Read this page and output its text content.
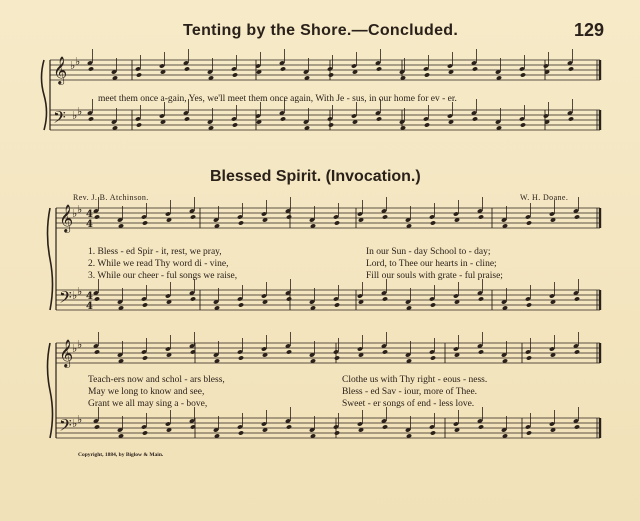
Tenting by the Shore.—Concluded.	129
𝄞
𝄢
𝄞
𝄢
𝄞
𝄢
4
4
4
4
♭ ♭
♭ ♭
♭ ♭
♭ ♭
♭ ♭
♭ ♭
meet them once a-gain, Yes, we'll meet them once again, With Je - sus, in our home for ev - er.
Blessed Spirit. (Invocation.)
Rev. J. B. Atchinson.	W. H. Doane.
1. Bless - ed Spir - it, rest, we pray,
2. While we read Thy word di - vine,
3. While our cheer - ful songs we raise,
In our Sun - day School to - day;
Lord, to Thee our hearts in - cline;
Fill our souls with grate - ful praise;
Teach-ers now and schol - ars bless,
May we long to know and see,
Grant we all may sing a - bove,
Clothe us with Thy right - eous - ness.
Bless - ed Sav - iour, more of Thee.
Sweet - er songs of end - less love.
Copyright, 1884, by Biglow & Main.
